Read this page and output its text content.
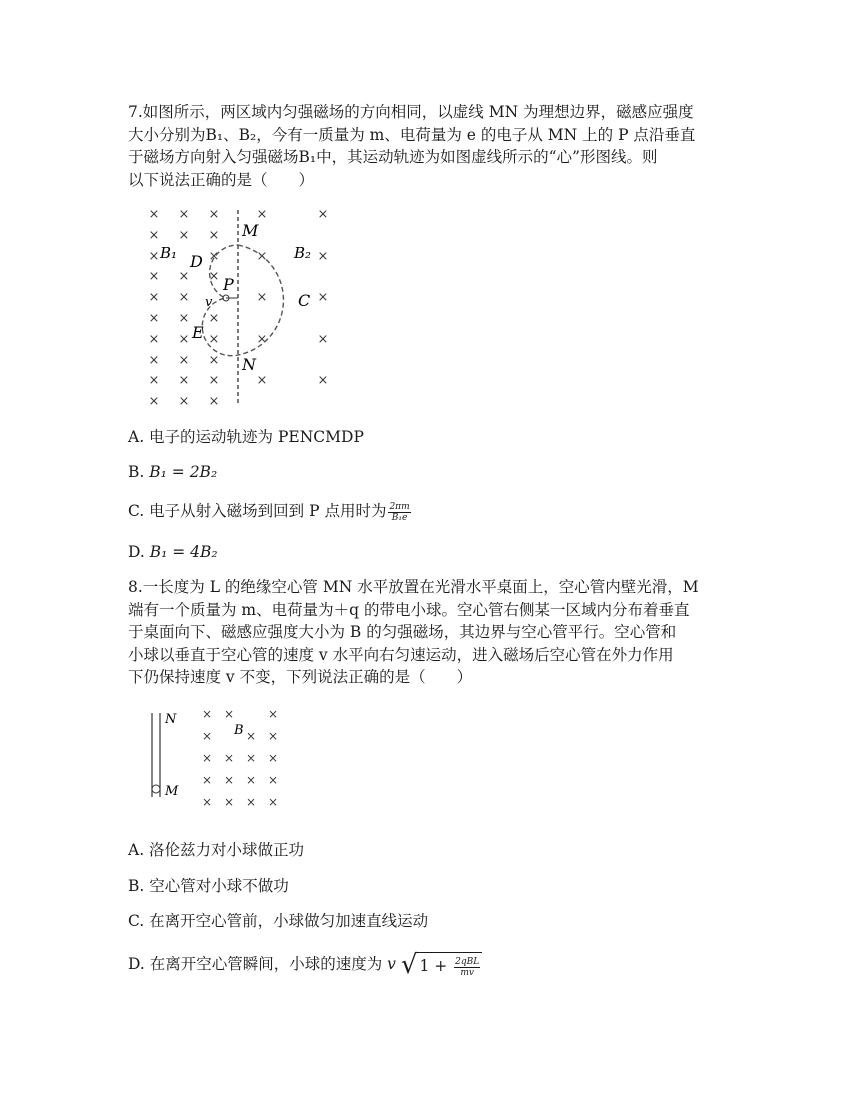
7.如图所示，两区域内匀强磁场的方向相同，以虚线 MN 为理想边界，磁感应强度
大小分别为B₁、B₂，今有一质量为 m、电荷量为 e 的电子从 MN 上的 P 点沿垂直
于磁场方向射入匀强磁场B₁中，其运动轨迹为如图虚线所示的“心”形图线。则
以下说法正确的是（　　）
× × ×
× × ×
×	×
× × ×
× ×
× × ×
× × ×
× × ×
× × ×
× × ×
×	×
×	×
×	×
×	×
×	×
M
N
P
v
D
E
C
B₁	B₂
A. 电子的运动轨迹为 PENCMDP
B. B₁ = 2B₂
C. 电子从射入磁场到回到 P 点用时为 $\frac{2\pi m}{\text{B₁e}}$
D. B₁ = 4B₂
8.一长度为 L 的绝缘空心管 MN 水平放置在光滑水平桌面上，空心管内壁光滑，M
端有一个质量为 m、电荷量为＋q 的带电小球。空心管右侧某一区域内分布着垂直
于桌面向下、磁感应强度大小为 B 的匀强磁场，其边界与空心管平行。空心管和
小球以垂直于空心管的速度 v 水平向右匀速运动，进入磁场后空心管在外力作用
下仍保持速度 v 不变，下列说法正确的是（　　）
N
M
B
× ×	×
×	× ×
× × × ×
× × × ×
× × × ×
A. 洛伦兹力对小球做正功
B. 空心管对小球不做功
C. 在离开空心管前，小球做匀加速直线运动
D. 在离开空心管瞬间，小球的速度为 v √ $1 + \frac{\text{2qBL}}{mv}$
